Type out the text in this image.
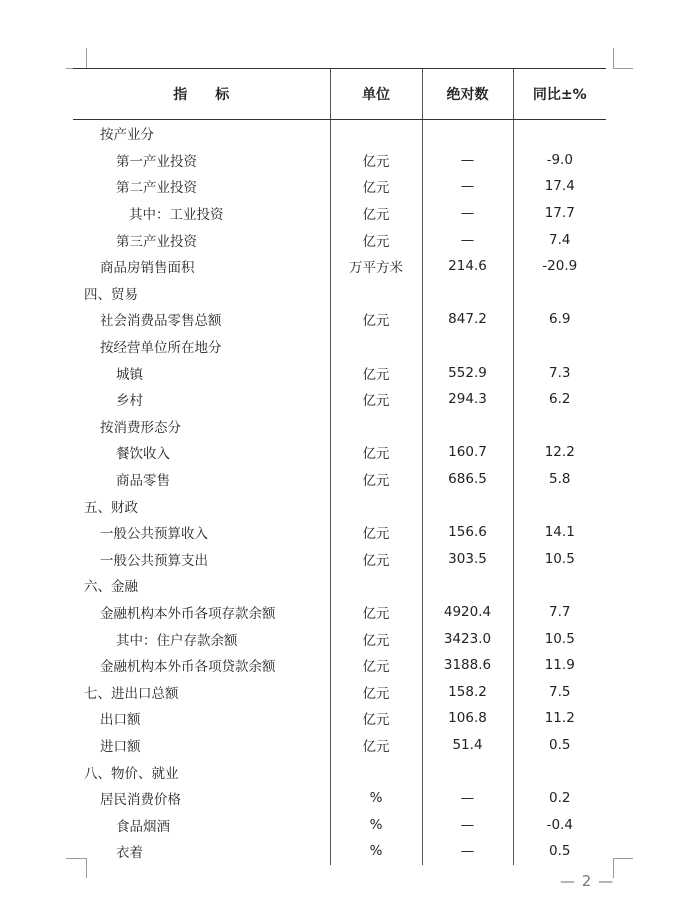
指　　标	单位	绝对数	同比±%
按产业分			
第一产业投资	亿元	—	-9.0
第二产业投资	亿元	—	17.4
其中：工业投资	亿元	—	17.7
第三产业投资	亿元	—	7.4
商品房销售面积	万平方米	214.6	-20.9
四、贸易			
社会消费品零售总额	亿元	847.2	6.9
按经营单位所在地分			
城镇	亿元	552.9	7.3
乡村	亿元	294.3	6.2
按消费形态分			
餐饮收入	亿元	160.7	12.2
商品零售	亿元	686.5	5.8
五、财政			
一般公共预算收入	亿元	156.6	14.1
一般公共预算支出	亿元	303.5	10.5
六、金融			
金融机构本外币各项存款余额	亿元	4920.4	7.7
其中：住户存款余额	亿元	3423.0	10.5
金融机构本外币各项贷款余额	亿元	3188.6	11.9
七、进出口总额	亿元	158.2	7.5
出口额	亿元	106.8	11.2
进口额	亿元	51.4	0.5
八、物价、就业			
居民消费价格	%	—	0.2
食品烟酒	%	—	-0.4
衣着	%	—	0.5
— 2 —
